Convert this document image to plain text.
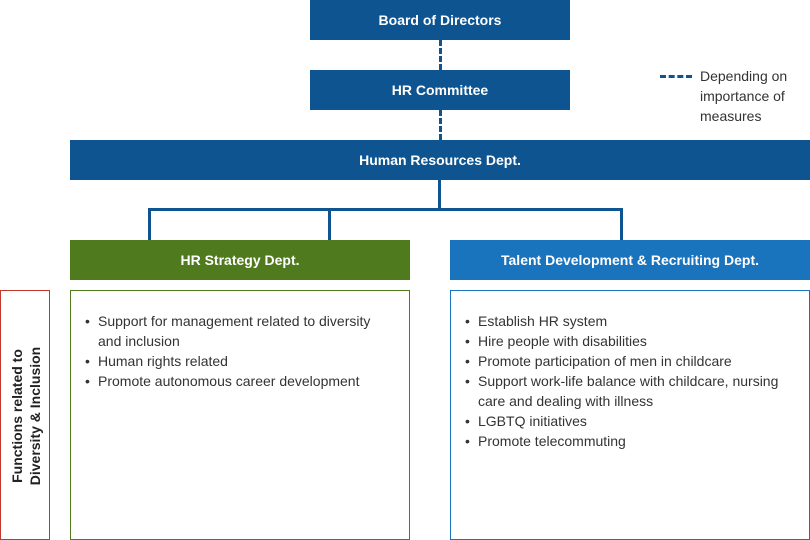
Board of Directors
HR Committee
Human Resources Dept.
Depending on importance of measures
HR Strategy Dept.	Talent Development & Recruiting Dept.
Functions related to Diversity & Inclusion
• Support for management related to diversity and inclusion
• Human rights related
• Promote autonomous career development
• Establish HR system
• Hire people with disabilities
• Promote participation of men in childcare
• Support work-life balance with childcare, nursing care and dealing with illness
• LGBTQ initiatives
• Promote telecommuting
